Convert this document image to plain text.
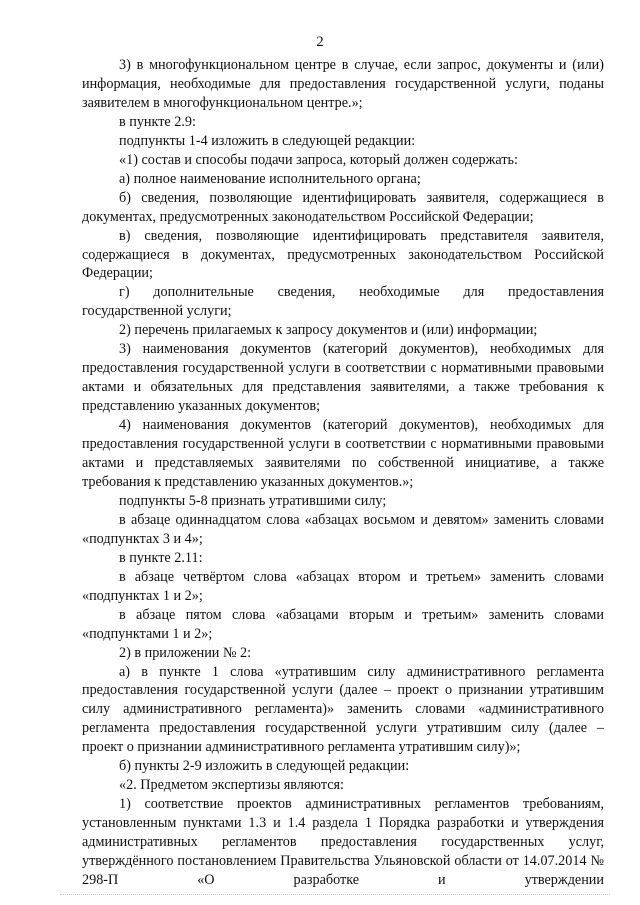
2

3) в многофункциональном центре в случае, если запрос, документы и (или) информация, необходимые для предоставления государственной услуги, поданы заявителем в многофункциональном центре.»;

в пункте 2.9:

подпункты 1-4 изложить в следующей редакции:

«1) состав и способы подачи запроса, который должен содержать:

а) полное наименование исполнительного органа;

б) сведения, позволяющие идентифицировать заявителя, содержащиеся в документах, предусмотренных законодательством Российской Федерации;

в) сведения, позволяющие идентифицировать представителя заявителя, содержащиеся в документах, предусмотренных законодательством Российской Федерации;

г) дополнительные сведения, необходимые для предоставления государственной услуги;

2) перечень прилагаемых к запросу документов и (или) информации;

3) наименования документов (категорий документов), необходимых для предоставления государственной услуги в соответствии с нормативными правовыми актами и обязательных для представления заявителями, а также требования к представлению указанных документов;

4) наименования документов (категорий документов), необходимых для предоставления государственной услуги в соответствии с нормативными правовыми актами и представляемых заявителями по собственной инициативе, а также требования к представлению указанных документов.»;

подпункты 5-8 признать утратившими силу;

в абзаце одиннадцатом слова «абзацах восьмом и девятом» заменить словами «подпунктах 3 и 4»;

в пункте 2.11:

в абзаце четвёртом слова «абзацах втором и третьем» заменить словами «подпунктах 1 и 2»;

в абзаце пятом слова «абзацами вторым и третьим» заменить словами «подпунктами 1 и 2»;

2) в приложении № 2:

а) в пункте 1 слова «утратившим силу административного регламента предоставления государственной услуги (далее – проект о признании утратившим силу административного регламента)» заменить словами «административного регламента предоставления государственной услуги утратившим силу (далее – проект о признании административного регламента утратившим силу)»;

б) пункты 2-9 изложить в следующей редакции:

«2. Предметом экспертизы являются:

1) соответствие проектов административных регламентов требованиям, установленным пунктами 1.3 и 1.4 раздела 1 Порядка разработки и утверждения административных регламентов предоставления государственных услуг, утверждённого постановлением Правительства Ульяновской области от 14.07.2014 № 298-П «О разработке и утверждении
